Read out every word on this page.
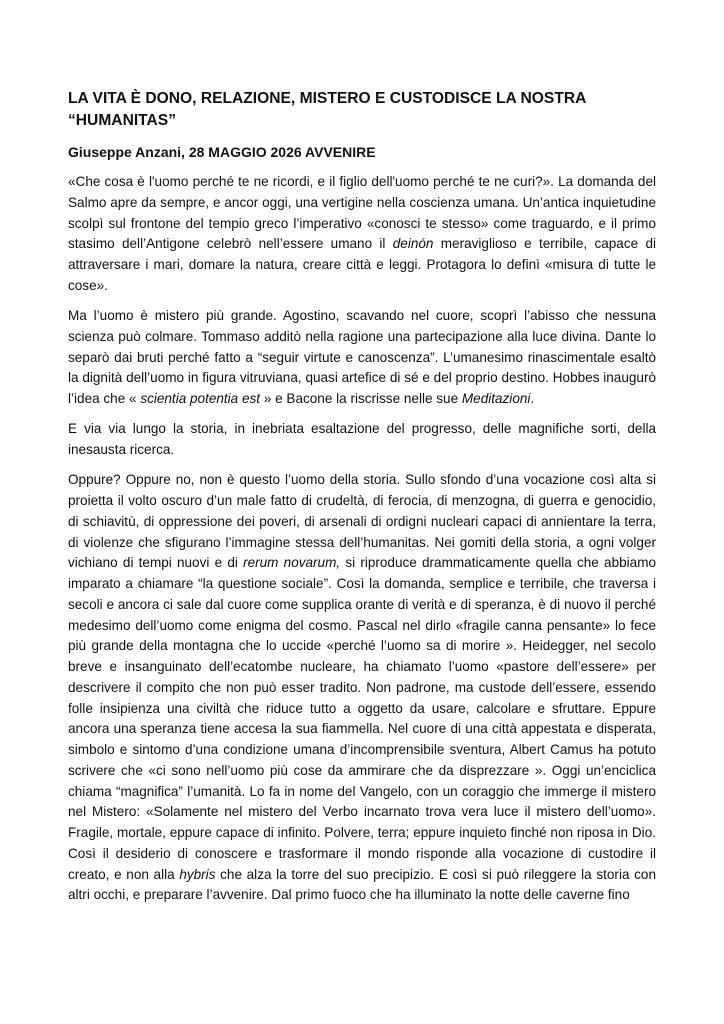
LA VITA È DONO, RELAZIONE, MISTERO E CUSTODISCE LA NOSTRA “HUMANITAS”

Giuseppe Anzani, 28 MAGGIO 2026 AVVENIRE

«Che cosa è l'uomo perché te ne ricordi, e il figlio dell'uomo perché te ne curi?». La domanda del Salmo apre da sempre, e ancor oggi, una vertigine nella coscienza umana. Un’antica inquietudine scolpì sul frontone del tempio greco l’imperativo «conosci te stesso» come traguardo, e il primo stasimo dell’Antigone celebrò nell’essere umano il deinón meraviglioso e terribile, capace di attraversare i mari, domare la natura, creare città e leggi. Protagora lo definì «misura di tutte le cose».

Ma l’uomo è mistero più grande. Agostino, scavando nel cuore, scoprì l’abisso che nessuna scienza può colmare. Tommaso additò nella ragione una partecipazione alla luce divina. Dante lo separò dai bruti perché fatto a “seguir virtute e canoscenza”. L’umanesimo rinascimentale esaltò la dignità dell’uomo in figura vitruviana, quasi artefice di sé e del proprio destino. Hobbes inaugurò l’idea che « scientia potentia est » e Bacone la riscrisse nelle sue Meditazioni.

E via via lungo la storia, in inebriata esaltazione del progresso, delle magnifiche sorti, della inesausta ricerca.

Oppure? Oppure no, non è questo l’uomo della storia. Sullo sfondo d’una vocazione così alta si proietta il volto oscuro d’un male fatto di crudeltà, di ferocia, di menzogna, di guerra e genocidio, di schiavitù, di oppressione dei poveri, di arsenali di ordigni nucleari capaci di annientare la terra, di violenze che sfigurano l’immagine stessa dell’humanitas. Nei gomiti della storia, a ogni volger vichiano di tempi nuovi e di rerum novarum, si riproduce drammaticamente quella che abbiamo imparato a chiamare “la questione sociale”. Così la domanda, semplice e terribile, che traversa i secoli e ancora ci sale dal cuore come supplica orante di verità e di speranza, è di nuovo il perché medesimo dell’uomo come enigma del cosmo. Pascal nel dirlo «fragile canna pensante» lo fece più grande della montagna che lo uccide «perché l’uomo sa di morire ». Heidegger, nel secolo breve e insanguinato dell’ecatombe nucleare, ha chiamato l’uomo «pastore dell’essere» per descrivere il compito che non può esser tradito. Non padrone, ma custode dell’essere, essendo folle insipienza una civiltà che riduce tutto a oggetto da usare, calcolare e sfruttare. Eppure ancora una speranza tiene accesa la sua fiammella. Nel cuore di una città appestata e disperata, simbolo e sintomo d’una condizione umana d’incomprensibile sventura, Albert Camus ha potuto scrivere che «ci sono nell’uomo più cose da ammirare che da disprezzare ». Oggi un’enciclica chiama “magnifica” l’umanità. Lo fa in nome del Vangelo, con un coraggio che immerge il mistero nel Mistero: «Solamente nel mistero del Verbo incarnato trova vera luce il mistero dell’uomo». Fragile, mortale, eppure capace di infinito. Polvere, terra; eppure inquieto finché non riposa in Dio. Così il desiderio di conoscere e trasformare il mondo risponde alla vocazione di custodire il creato, e non alla hybris che alza la torre del suo precipizio. E così si può rileggere la storia con altri occhi, e preparare l’avvenire. Dal primo fuoco che ha illuminato la notte delle caverne fino
